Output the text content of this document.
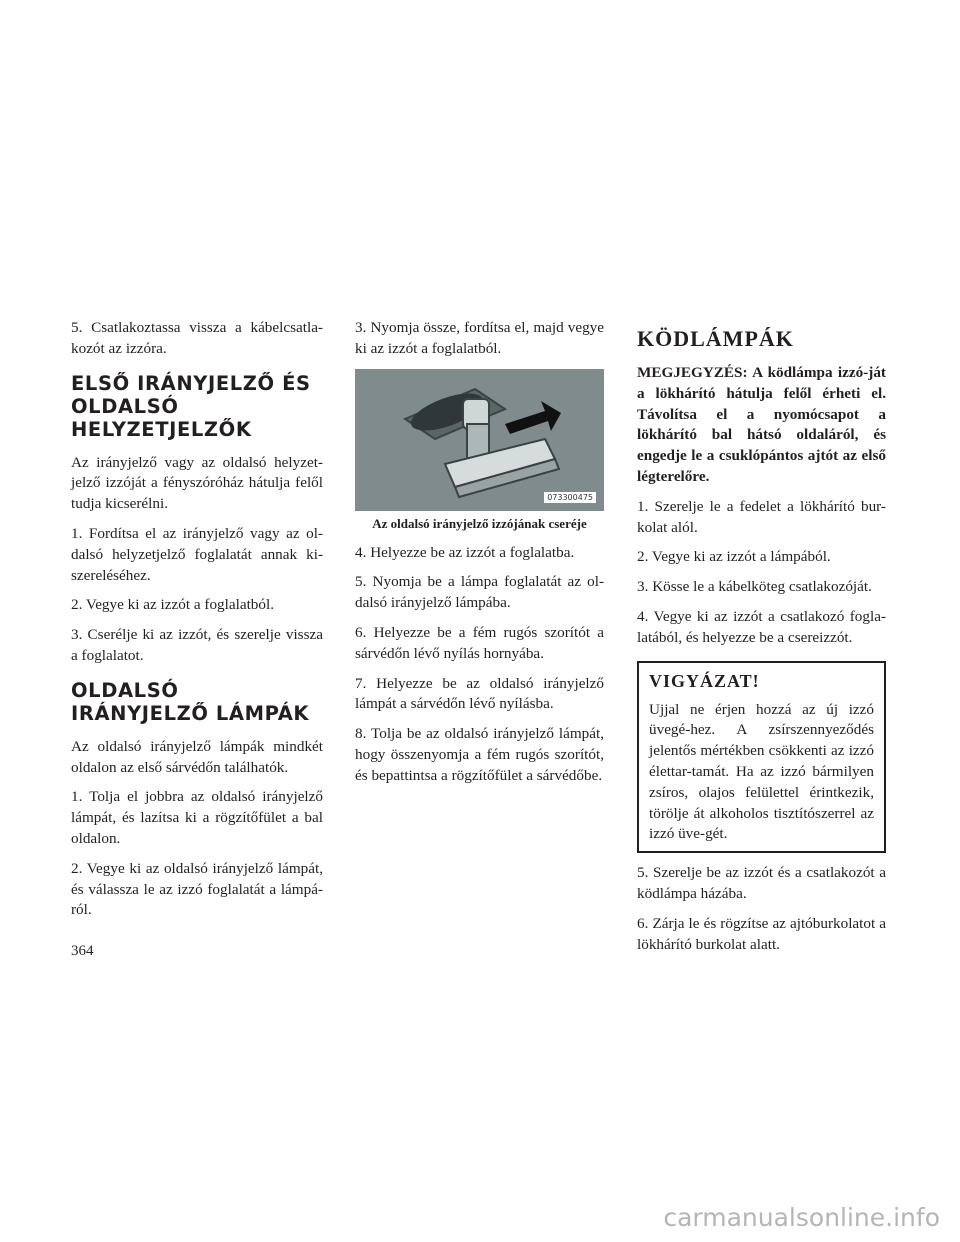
5. Csatlakoztassa vissza a kábelcsatla-kozót az izzóra.

ELSŐ IRÁNYJELZŐ ÉS OLDALSÓ HELYZETJELZŐK

Az irányjelző vagy az oldalsó helyzet-jelző izzóját a fényszóróház hátulja felől tudja kicserélni.

1. Fordítsa el az irányjelző vagy az ol-dalsó helyzetjelző foglalatát annak ki-szereléséhez.

2. Vegye ki az izzót a foglalatból.

3. Cserélje ki az izzót, és szerelje vissza a foglalatot.

OLDALSÓ IRÁNYJELZŐ LÁMPÁK

Az oldalsó irányjelző lámpák mindkét oldalon az első sárvédőn találhatók.

1. Tolja el jobbra az oldalsó irányjelző lámpát, és lazítsa ki a rögzítőfület a bal oldalon.

2. Vegye ki az oldalsó irányjelző lámpát, és válassza le az izzó foglalatát a lámpá-ról.

3. Nyomja össze, fordítsa el, majd vegye ki az izzót a foglalatból.

073300475
Az oldalsó irányjelző izzójának cseréje

4. Helyezze be az izzót a foglalatba.

5. Nyomja be a lámpa foglalatát az ol-dalsó irányjelző lámpába.

6. Helyezze be a fém rugós szorítót a sárvédőn lévő nyílás hornyába.

7. Helyezze be az oldalsó irányjelző lámpát a sárvédőn lévő nyílásba.

8. Tolja be az oldalsó irányjelző lámpát, hogy összenyomja a fém rugós szorítót, és bepattintsa a rögzítőfület a sárvédőbe.

KÖDLÁMPÁK

MEGJEGYZÉS: A ködlámpa izzó-ját a lökhárító hátulja felől érheti el. Távolítsa el a nyomócsapot a lökhárító bal hátsó oldaláról, és engedje le a csuklópántos ajtót az első légterelőre.

1. Szerelje le a fedelet a lökhárító bur-kolat alól.

2. Vegye ki az izzót a lámpából.

3. Kösse le a kábelköteg csatlakozóját.

4. Vegye ki az izzót a csatlakozó fogla-latából, és helyezze be a csereizzót.

VIGYÁZAT!

Ujjal ne érjen hozzá az új izzó üvegé-hez. A zsírszennyeződés jelentős mértékben csökkenti az izzó élettar-tamát. Ha az izzó bármilyen zsíros, olajos felülettel érintkezik, törölje át alkoholos tisztítószerrel az izzó üve-gét.

5. Szerelje be az izzót és a csatlakozót a ködlámpa házába.

6. Zárja le és rögzítse az ajtóburkolatot a lökhárító burkolat alatt.

364
carmanualsonline.info
